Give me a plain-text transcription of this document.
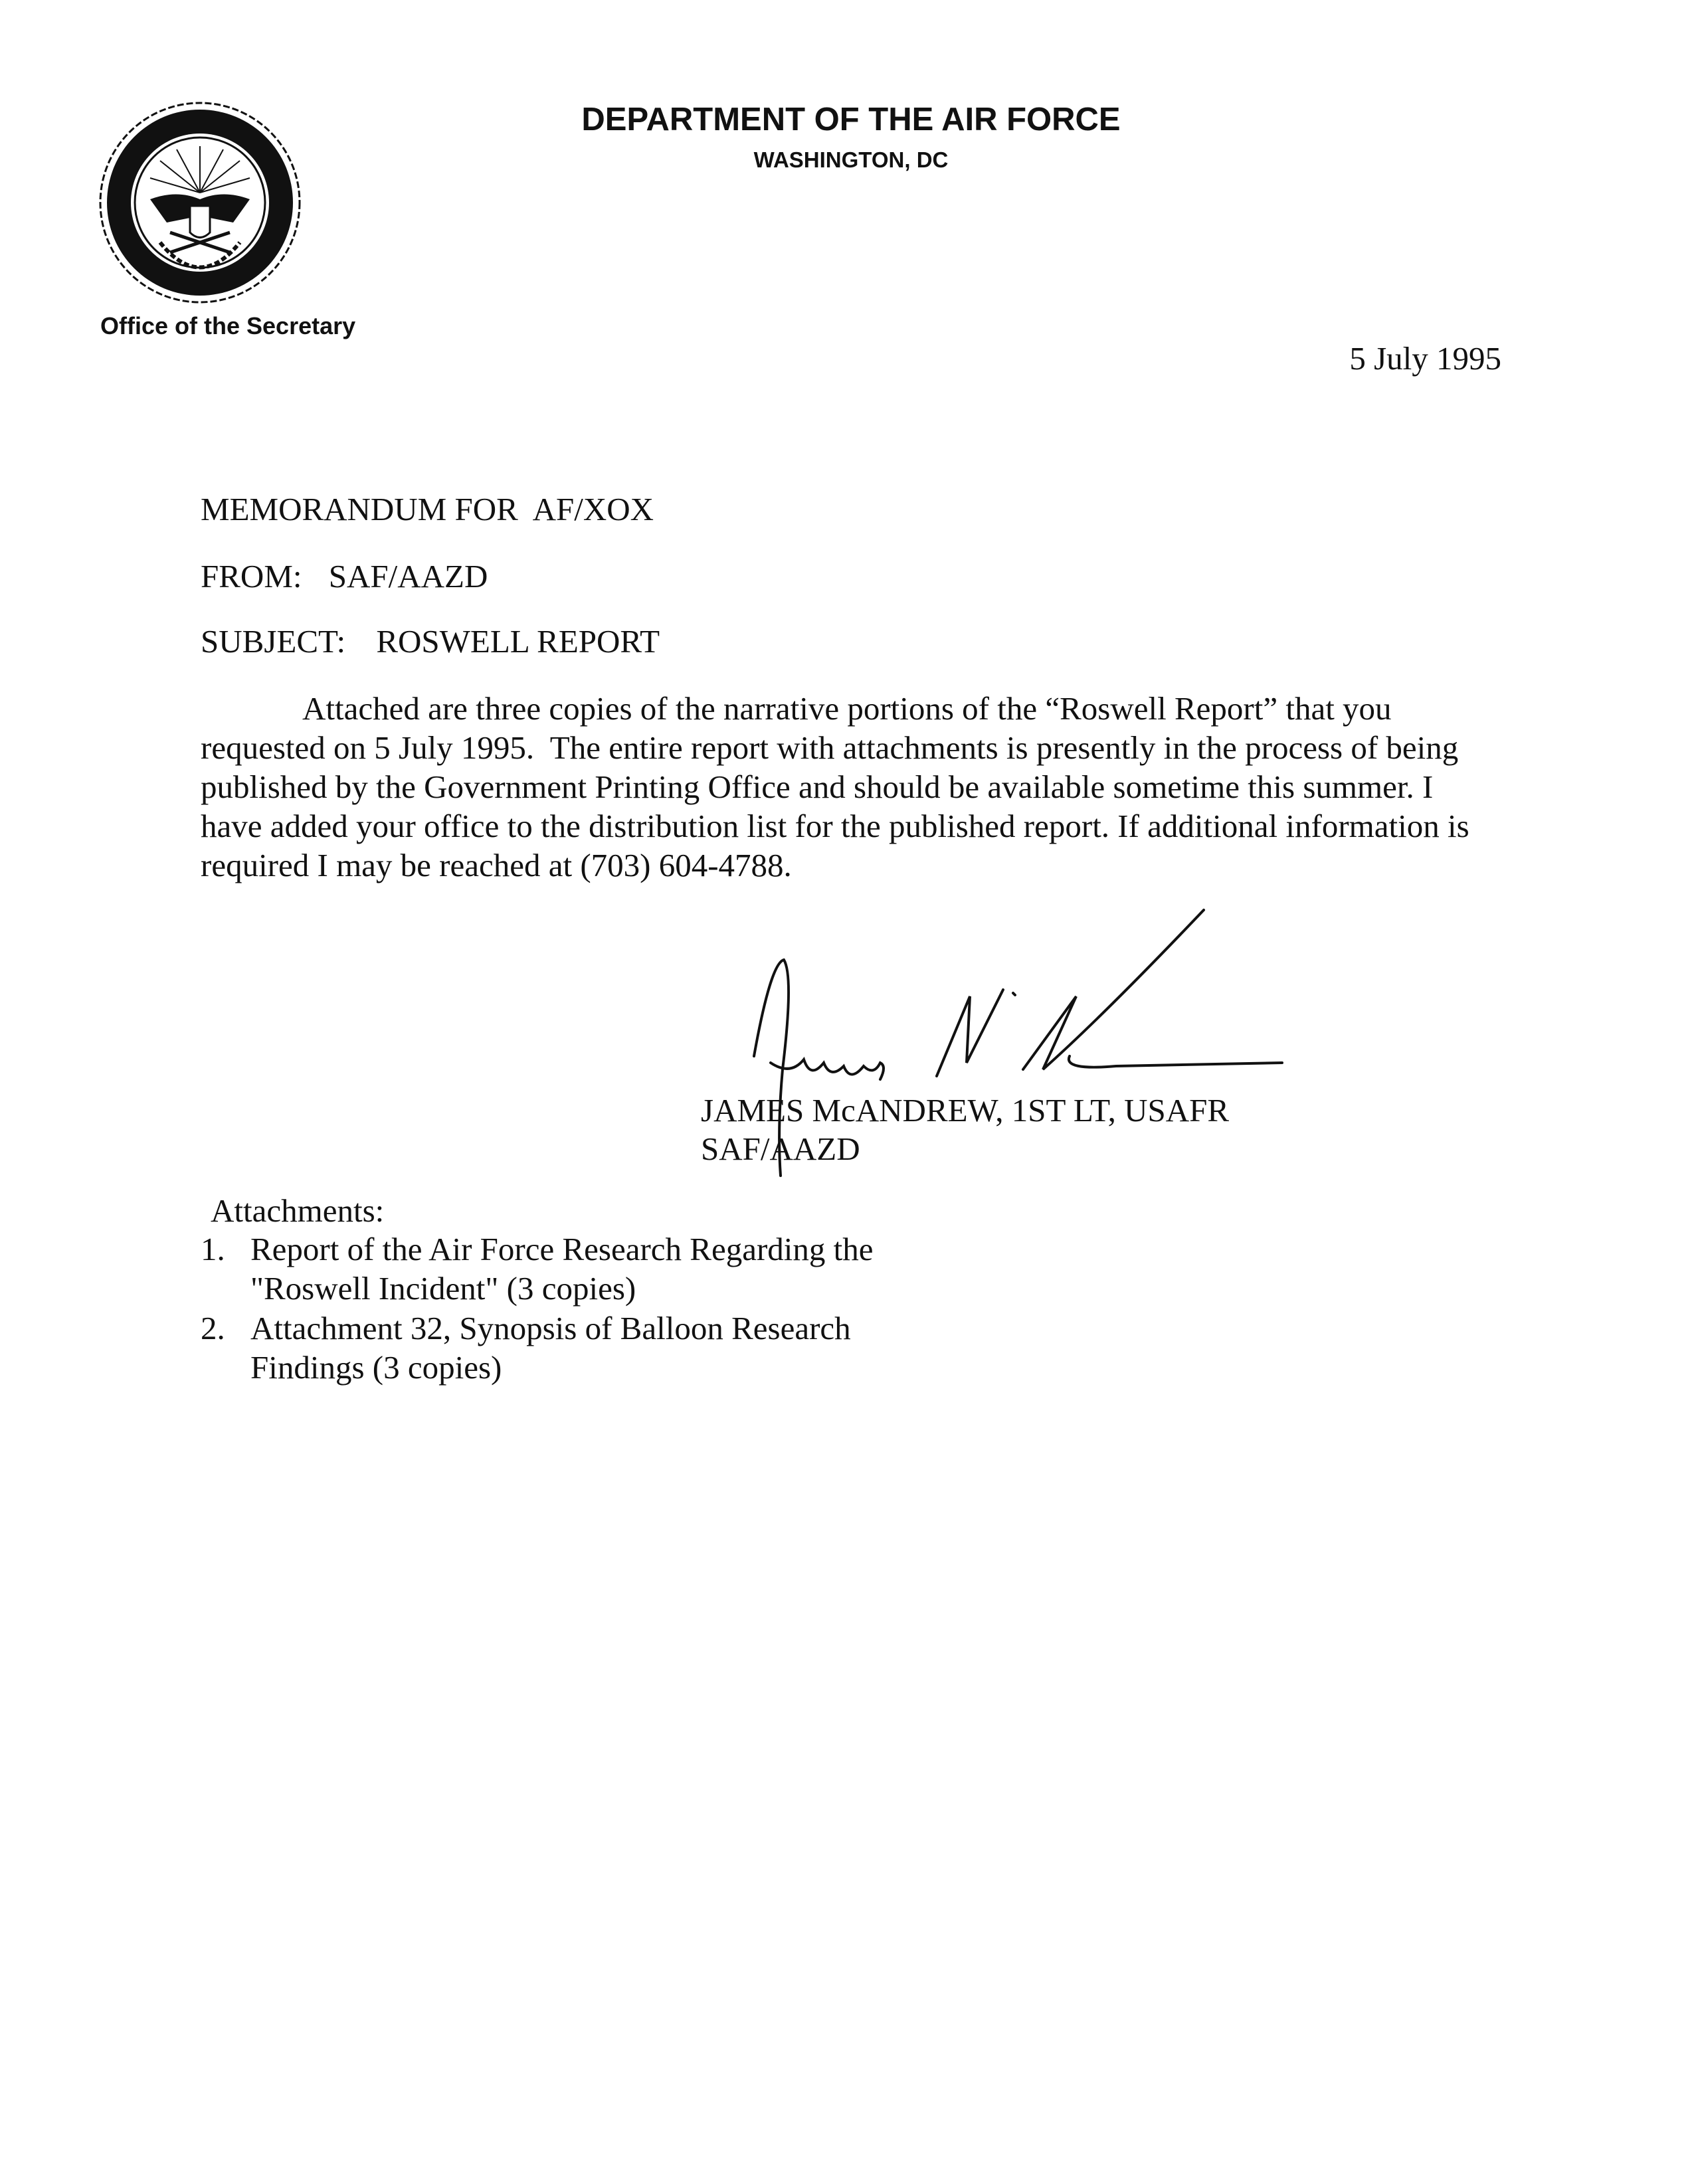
DEPARTMENT OF THE AIR FORCE
WASHINGTON, DC
Office of the Secretary
5 July 1995
MEMORANDUM FOR  AF/XOX
FROM: SAF/AAZD
SUBJECT: ROSWELL REPORT
Attached are three copies of the narrative portions of the “Roswell Report” that you
requested on 5 July 1995.  The entire report with attachments is presently in the process of being
published by the Government Printing Office and should be available sometime this summer. I
have added your office to the distribution list for the published report. If additional information is
required I may be reached at (703) 604-4788.
JAMES McANDREW, 1ST LT, USAFR
SAF/AAZD
Attachments:
1. Report of the Air Force Research Regarding the
"Roswell Incident" (3 copies)
2. Attachment 32, Synopsis of Balloon Research
Findings (3 copies)
